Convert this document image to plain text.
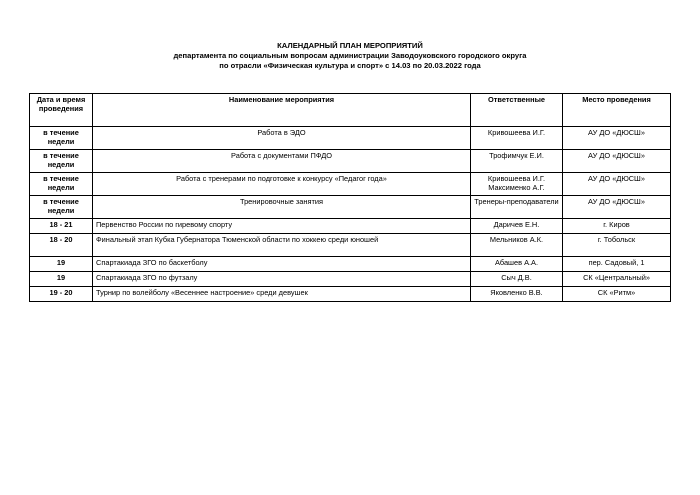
КАЛЕНДАРНЫЙ ПЛАН МЕРОПРИЯТИЙ
департамента по социальным вопросам администрации Заводоуковского городского округа
по отрасли «Физическая культура и спорт» с 14.03 по 20.03.2022 года
Дата и время проведения	Наименование мероприятия	Ответственные	Место проведения
в течение недели	Работа в ЭДО	Кривошеева И.Г.	АУ ДО «ДЮСШ»
в течение недели	Работа с документами ПФДО	Трофимчук Е.И.	АУ ДО «ДЮСШ»
в течение недели	Работа с тренерами по подготовке к конкурсу «Педагог года»	Кривошеева И.Г. Максименко А.Г.	АУ ДО «ДЮСШ»
в течение недели	Тренировочные занятия	Тренеры-преподаватели	АУ ДО «ДЮСШ»
18 - 21	Первенство России по гиревому спорту	Даричев Е.Н.	г. Киров
18 - 20	Финальный этап Кубка Губернатора Тюменской области по хоккею среди юношей	Мельников А.К.	г. Тобольск
19	Спартакиада ЗГО по баскетболу	Абашев А.А.	пер. Садовый, 1
19	Спартакиада ЗГО по футзалу	Сыч Д.В.	СК «Центральный»
19 - 20	Турнир по волейболу «Весеннее настроение» среди девушек	Яковленко В.В.	СК «Ритм»
